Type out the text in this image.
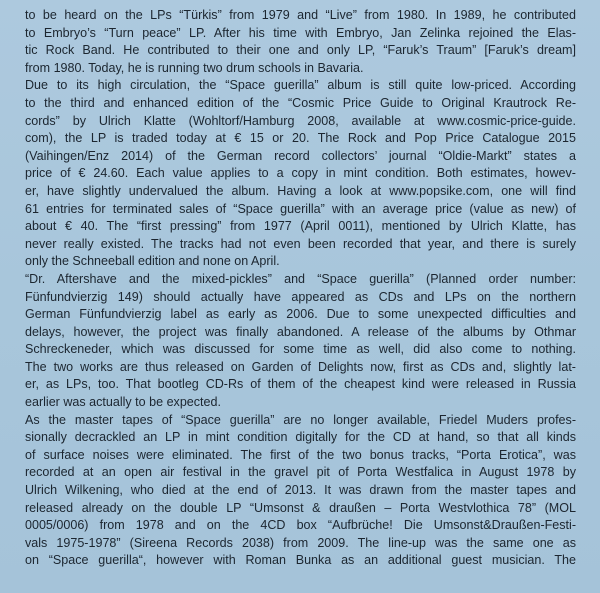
to be heard on the LPs “Türkis” from 1979 and “Live” from 1980. In 1989, he contributed
to Embryo’s “Turn peace” LP. After his time with Embryo, Jan Zelinka rejoined the Elas-
tic Rock Band. He contributed to their one and only LP, “Faruk’s Traum” [Faruk’s dream]
from 1980. Today, he is running two drum schools in Bavaria.
Due to its high circulation, the “Space guerilla” album is still quite low-priced. According
to the third and enhanced edition of the “Cosmic Price Guide to Original Krautrock Re-
cords” by Ulrich Klatte (Wohltorf/Hamburg 2008, available at www.cosmic-price-guide.
com), the LP is traded today at € 15 or 20. The Rock and Pop Price Catalogue 2015
(Vaihingen/Enz 2014) of the German record collectors’ journal “Oldie-Markt” states a
price of € 24.60. Each value applies to a copy in mint condition. Both estimates, howev-
er, have slightly undervalued the album. Having a look at www.popsike.com, one will find
61 entries for terminated sales of “Space guerilla” with an average price (value as new) of
about € 40. The “first pressing” from 1977 (April 0011), mentioned by Ulrich Klatte, has
never really existed. The tracks had not even been recorded that year, and there is surely
only the Schneeball edition and none on April.
“Dr. Aftershave and the mixed-pickles” and “Space guerilla” (Planned order number:
Fünfundvierzig 149) should actually have appeared as CDs and LPs on the northern
German Fünfundvierzig label as early as 2006. Due to some unexpected difficulties and
delays, however, the project was finally abandoned. A release of the albums by Othmar
Schreckeneder, which was discussed for some time as well, did also come to nothing.
The two works are thus released on Garden of Delights now, first as CDs and, slightly lat-
er, as LPs, too. That bootleg CD-Rs of them of the cheapest kind were released in Russia
earlier was actually to be expected.
As the master tapes of “Space guerilla” are no longer available, Friedel Muders profes-
sionally decrackled an LP in mint condition digitally for the CD at hand, so that all kinds
of surface noises were eliminated. The first of the two bonus tracks, “Porta Erotica”, was
recorded at an open air festival in the gravel pit of Porta Westfalica in August 1978 by
Ulrich Wilkening, who died at the end of 2013. It was drawn from the master tapes and
released already on the double LP “Umsonst & draußen – Porta Westvlothica 78” (MOL
0005/0006) from 1978 and on the 4CD box “Aufbrüche! Die Umsonst&Draußen-Festi-
vals 1975-1978” (Sireena Records 2038) from 2009. The line-up was the same one as
on “Space guerilla“, however with Roman Bunka as an additional guest musician. The
